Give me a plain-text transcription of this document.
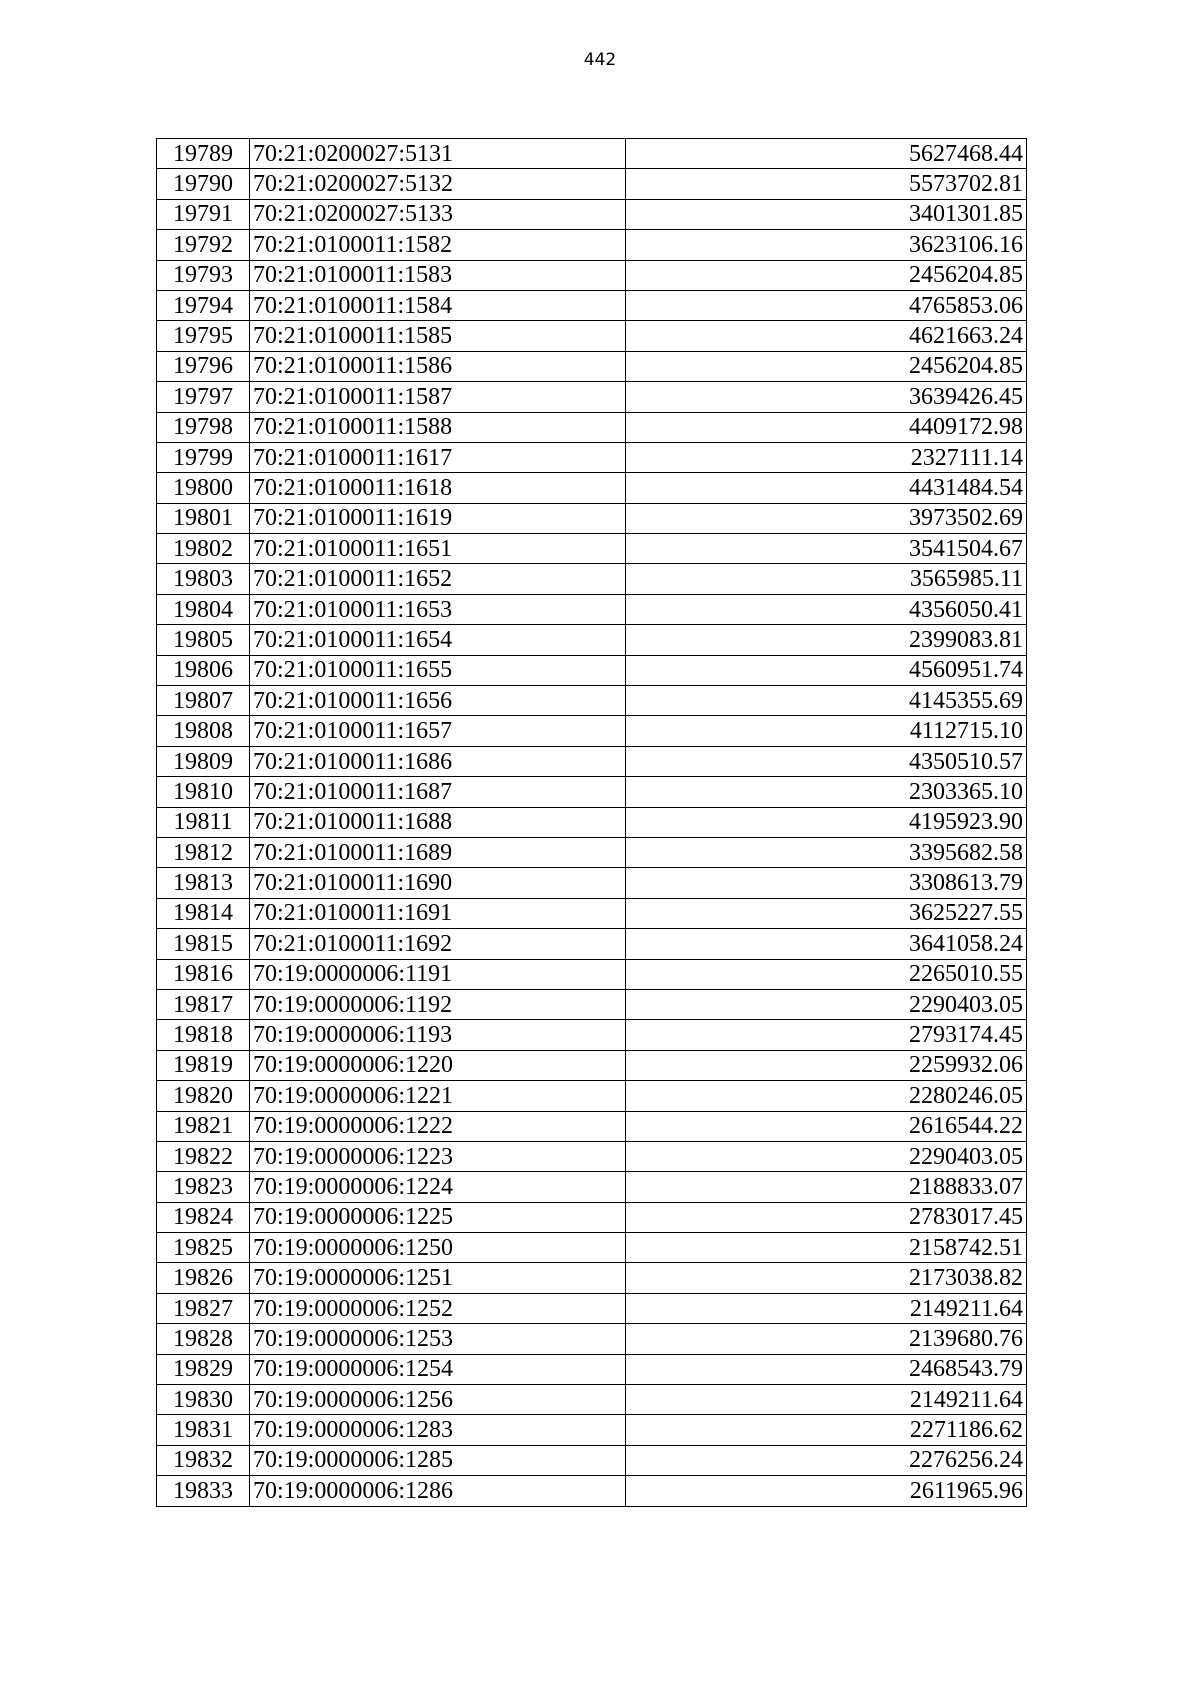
442
19789	70:21:0200027:5131	5627468.44
19790	70:21:0200027:5132	5573702.81
19791	70:21:0200027:5133	3401301.85
19792	70:21:0100011:1582	3623106.16
19793	70:21:0100011:1583	2456204.85
19794	70:21:0100011:1584	4765853.06
19795	70:21:0100011:1585	4621663.24
19796	70:21:0100011:1586	2456204.85
19797	70:21:0100011:1587	3639426.45
19798	70:21:0100011:1588	4409172.98
19799	70:21:0100011:1617	2327111.14
19800	70:21:0100011:1618	4431484.54
19801	70:21:0100011:1619	3973502.69
19802	70:21:0100011:1651	3541504.67
19803	70:21:0100011:1652	3565985.11
19804	70:21:0100011:1653	4356050.41
19805	70:21:0100011:1654	2399083.81
19806	70:21:0100011:1655	4560951.74
19807	70:21:0100011:1656	4145355.69
19808	70:21:0100011:1657	4112715.10
19809	70:21:0100011:1686	4350510.57
19810	70:21:0100011:1687	2303365.10
19811	70:21:0100011:1688	4195923.90
19812	70:21:0100011:1689	3395682.58
19813	70:21:0100011:1690	3308613.79
19814	70:21:0100011:1691	3625227.55
19815	70:21:0100011:1692	3641058.24
19816	70:19:0000006:1191	2265010.55
19817	70:19:0000006:1192	2290403.05
19818	70:19:0000006:1193	2793174.45
19819	70:19:0000006:1220	2259932.06
19820	70:19:0000006:1221	2280246.05
19821	70:19:0000006:1222	2616544.22
19822	70:19:0000006:1223	2290403.05
19823	70:19:0000006:1224	2188833.07
19824	70:19:0000006:1225	2783017.45
19825	70:19:0000006:1250	2158742.51
19826	70:19:0000006:1251	2173038.82
19827	70:19:0000006:1252	2149211.64
19828	70:19:0000006:1253	2139680.76
19829	70:19:0000006:1254	2468543.79
19830	70:19:0000006:1256	2149211.64
19831	70:19:0000006:1283	2271186.62
19832	70:19:0000006:1285	2276256.24
19833	70:19:0000006:1286	2611965.96
